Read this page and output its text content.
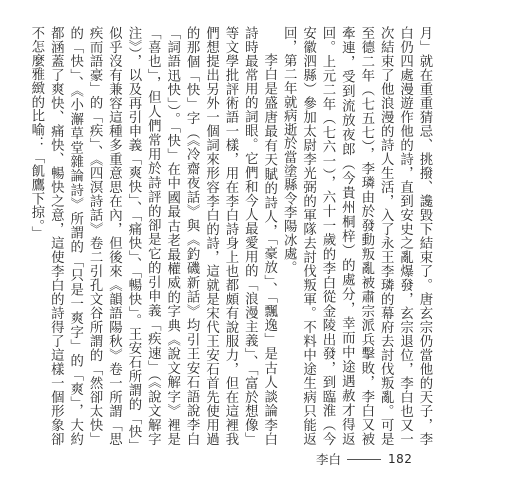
月」就在重重猜忌、挑撥、讒毀下結束了。唐玄宗仍當他的天子，李白仍四處漫遊作他的詩，直到安史之亂爆發，玄宗退位，李白也又一次結束了他浪漫的詩人生活，入了永王李璘的幕府去討伐叛亂。可是至德二年（七五七），李璘由於發動叛亂被肅宗派兵擊敗，李白又被牽連，受到流放夜郎（今貴州桐梓）的處分，幸而中途遇赦才得返回。上元二年（七六一），六十一歲的李白從金陵出發，到臨淮（今安徽泗縣）參加太尉李光弼的軍隊去討伐叛軍。不料中途生病只能返回，第二年就病逝於當塗縣令李陽冰處。

李白是盛唐最有天賦的詩人，「豪放」、「飄逸」是古人談論李白詩時最常用的詞眼。它們和今人最愛用的「浪漫主義」、「富於想像」等文學批評術語一樣，用在李白詩身上也都頗有說服力，但在這裡我們想提出另外一個詞來形容李白的詩，這就是宋代王安石首先使用過的那個「快」字（《冷齋夜話》與《釣磯新話》均引王安石語說李白「詞語迅快」）。「快」在中國最古老最權威的字典《說文解字》裡是「喜也」，但人們常用於詩評的卻是它的引申義「疾速」（《說文解字注》），以及再引申義「爽快」、「痛快」、「暢快」。王安石所謂的「快」似乎沒有兼容這種多重意思在內，但後來《韻語陽秋》卷一所謂「思疾而語豪」的「疾」、《四溟詩話》卷二引孔文谷所謂的「然卻太快」的「快」、《小澥草堂雜論詩》所謂的「只是一爽字」的「爽」，大約都涵蓋了爽快、痛快、暢快之意，這使李白的詩得了這樣一個形象卻不怎麼雅緻的比喻：「飢鷹下掠。」

李白	182
